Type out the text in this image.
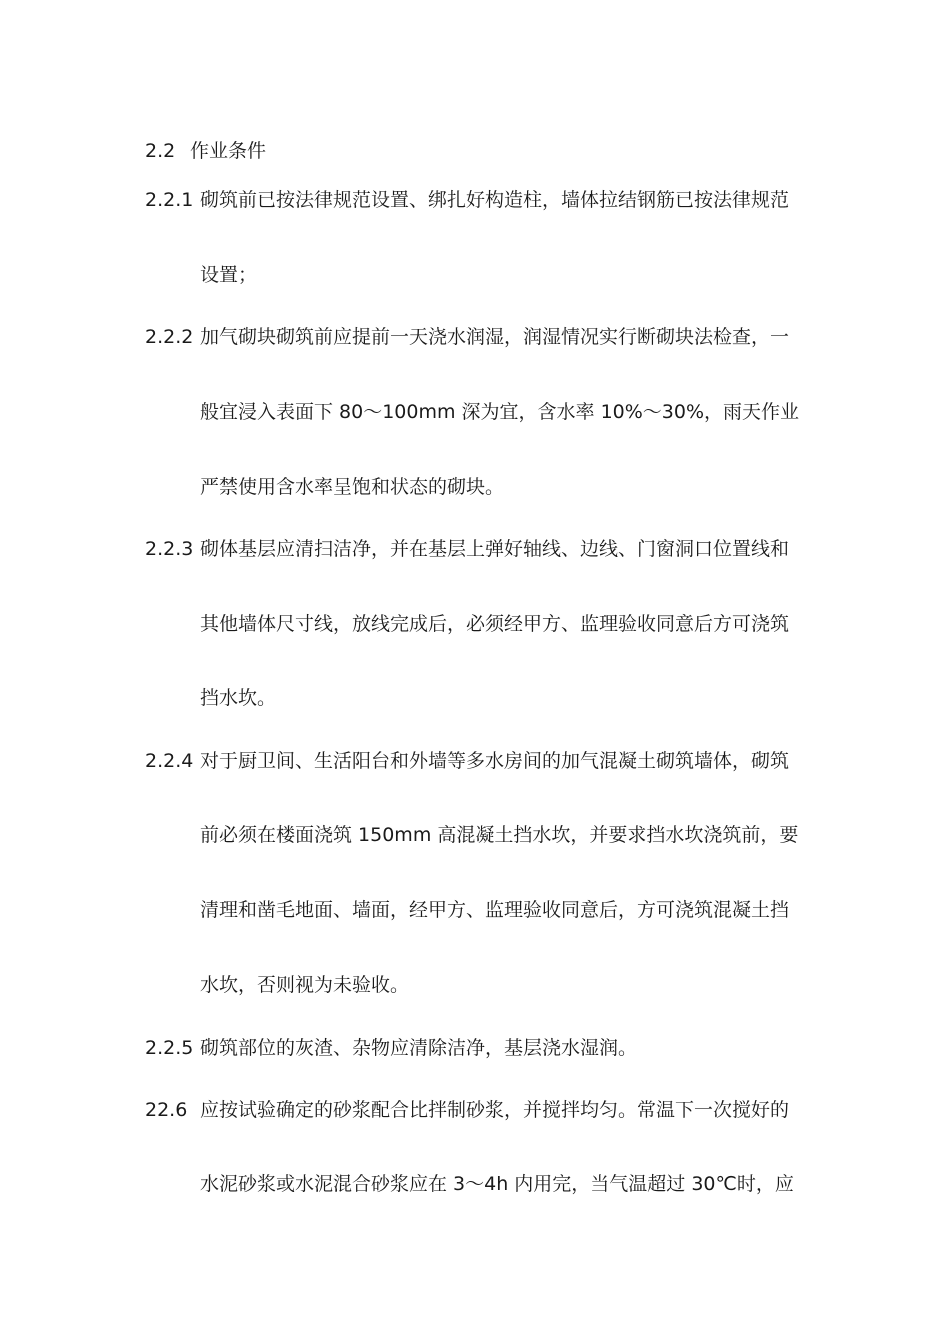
2.2 作业条件
2.2.1 砌筑前已按法律规范设置、绑扎好构造柱，墙体拉结钢筋已按法律规范
设置；
2.2.2 加气砌块砌筑前应提前一天浇水润湿，润湿情况实行断砌块法检查，一
般宜浸入表面下 80～100mm 深为宜，含水率 10%～30%，雨天作业
严禁使用含水率呈饱和状态的砌块。
2.2.3 砌体基层应清扫洁净，并在基层上弹好轴线、边线、门窗洞口位置线和
其他墙体尺寸线，放线完成后，必须经甲方、监理验收同意后方可浇筑
挡水坎。
2.2.4 对于厨卫间、生活阳台和外墙等多水房间的加气混凝土砌筑墙体，砌筑
前必须在楼面浇筑 150mm 高混凝土挡水坎，并要求挡水坎浇筑前，要
清理和凿毛地面、墙面，经甲方、监理验收同意后，方可浇筑混凝土挡
水坎，否则视为未验收。
2.2.5 砌筑部位的灰渣、杂物应清除洁净，基层浇水湿润。
22.6 应按试验确定的砂浆配合比拌制砂浆，并搅拌均匀。常温下一次搅好的
水泥砂浆或水泥混合砂浆应在 3～4h 内用完，当气温超过 30℃时，应
